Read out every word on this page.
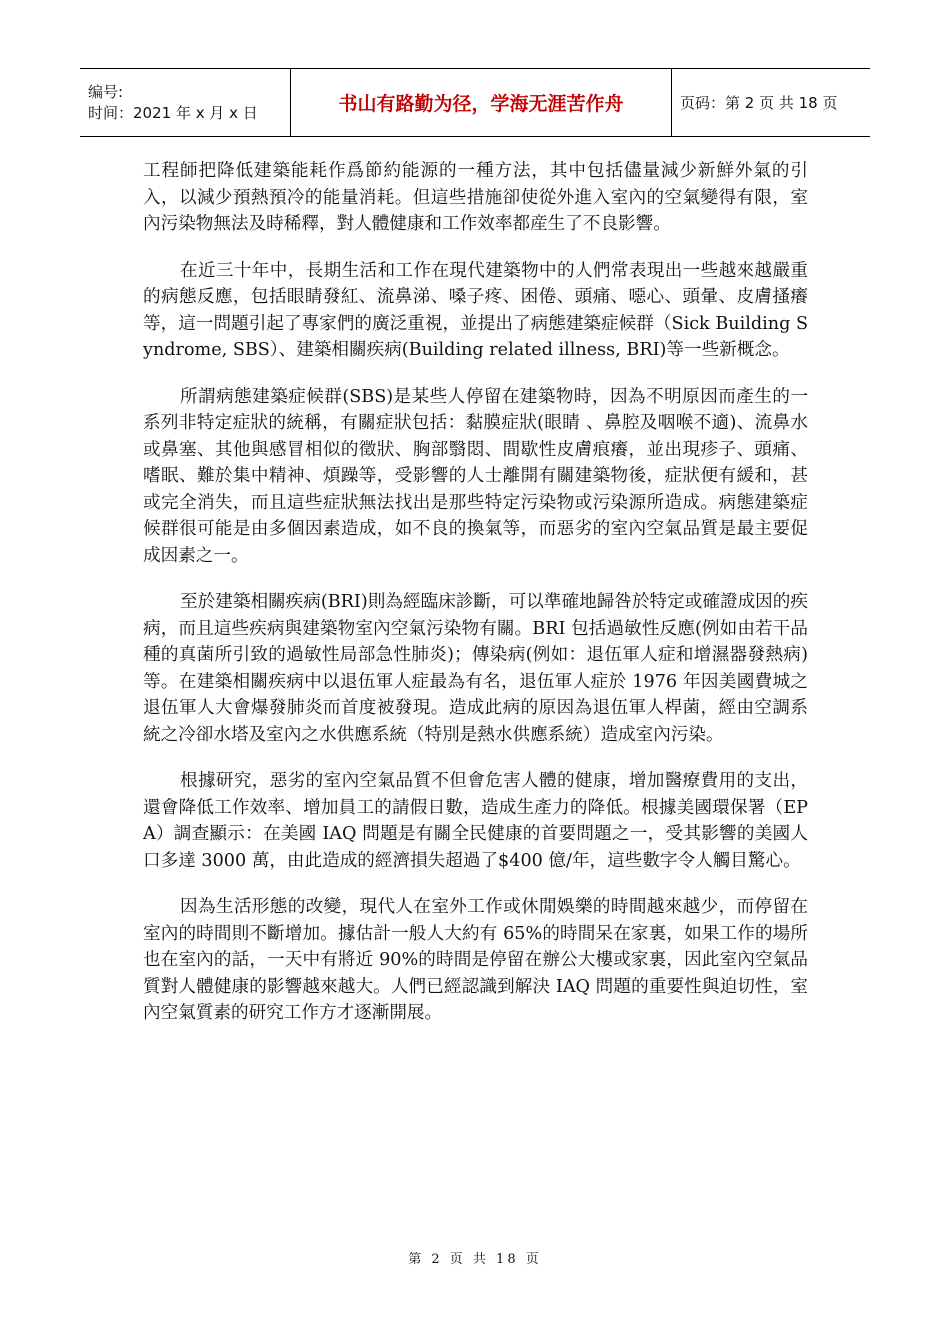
编号:
时间：2021 年 x 月 x 日	书山有路勤为径，学海无涯苦作舟	页码：第 2 页 共 18 页

工程師把降低建築能耗作爲節約能源的一種方法，其中包括儘量減少新鮮外氣的引入，以減少預熱預冷的能量消耗。但這些措施卻使從外進入室內的空氣變得有限，室內污染物無法及時稀釋，對人體健康和工作效率都産生了不良影響。

在近三十年中，長期生活和工作在現代建築物中的人們常表現出一些越來越嚴重的病態反應，包括眼睛發紅、流鼻涕、嗓子疼、困倦、頭痛、噁心、頭暈、皮膚搔癢等，這一問題引起了專家們的廣泛重視，並提出了病態建築症候群（Sick Building Syndrome, SBS）、建築相關疾病(Building related illness, BRI)等一些新概念。

所謂病態建築症候群(SBS)是某些人停留在建築物時，因為不明原因而產生的一系列非特定症狀的統稱，有關症狀包括：黏膜症狀(眼睛 、鼻腔及咽喉不適)、流鼻水或鼻塞、其他與感冒相似的徵狀、胸部翳悶、間歇性皮膚痕癢，並出現疹子、頭痛、嗜眠、難於集中精神、煩躁等，受影響的人士離開有關建築物後，症狀便有緩和，甚或完全消失，而且這些症狀無法找出是那些特定污染物或污染源所造成。病態建築症候群很可能是由多個因素造成，如不良的換氣等，而惡劣的室內空氣品質是最主要促成因素之一。

至於建築相關疾病(BRI)則為經臨床診斷，可以準確地歸咎於特定或確證成因的疾病，而且這些疾病與建築物室內空氣污染物有關。BRI 包括過敏性反應(例如由若干品種的真菌所引致的過敏性局部急性肺炎)；傳染病(例如：退伍軍人症和增濕器發熱病)等。在建築相關疾病中以退伍軍人症最為有名，退伍軍人症於 1976 年因美國費城之退伍軍人大會爆發肺炎而首度被發現。造成此病的原因為退伍軍人桿菌，經由空調系統之冷卻水塔及室內之水供應系統（特別是熱水供應系統）造成室內污染。

根據研究，惡劣的室內空氣品質不但會危害人體的健康，增加醫療費用的支出，還會降低工作效率、增加員工的請假日數，造成生產力的降低。根據美國環保署（EPA）調查顯示：在美國 IAQ 問題是有關全民健康的首要問題之一，受其影響的美國人口多達 3000 萬，由此造成的經濟損失超過了$400 億/年，這些數字令人觸目驚心。

因為生活形態的改變，現代人在室外工作或休閒娛樂的時間越來越少，而停留在室內的時間則不斷增加。據估計一般人大約有 65%的時間呆在家裏，如果工作的場所也在室內的話，一天中有將近 90%的時間是停留在辦公大樓或家裏，因此室內空氣品質對人體健康的影響越來越大。人們已經認識到解決 IAQ 問題的重要性與迫切性，室內空氣質素的研究工作方才逐漸開展。

第 2 页 共 18 页
